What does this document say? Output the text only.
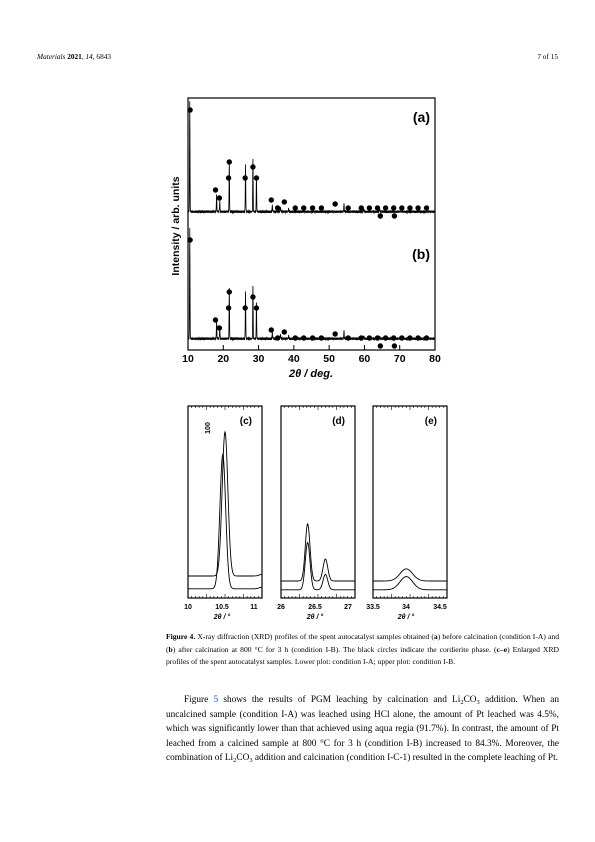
Materials 2021, 14, 6843	7 of 15
10 20 30 40 50 60 70 80
(a)
(b)
Intensity / arb. units
2θ / deg.
(c)
100
(d)	(e)
10	10.5	11	26	26.5	27 33.5	34	34.5
2θ / °	2θ / °	2θ / °
Figure 4. X-ray diffraction (XRD) profiles of the spent autocatalyst samples obtained (a) before calcination (condition I-A) and (b) after calcination at 800 °C for 3 h (condition I-B). The black circles indicate the cordierite phase. (c–e) Enlarged XRD profiles of the spent autocatalyst samples. Lower plot: condition I-A; upper plot: condition I-B.
Figure 5 shows the results of PGM leaching by calcination and $Li_2CO_3$ addition. When an uncalcined sample (condition I-A) was leached using HCl alone, the amount of Pt leached was 4.5%, which was significantly lower than that achieved using aqua regia (91.7%). In contrast, the amount of Pt leached from a calcined sample at 800 °C for 3 h (condition I-B) increased to 84.3%. Moreover, the combination of $Li_2CO_3$ addition and calcination (condition I-C-1) resulted in the complete leaching of Pt.
